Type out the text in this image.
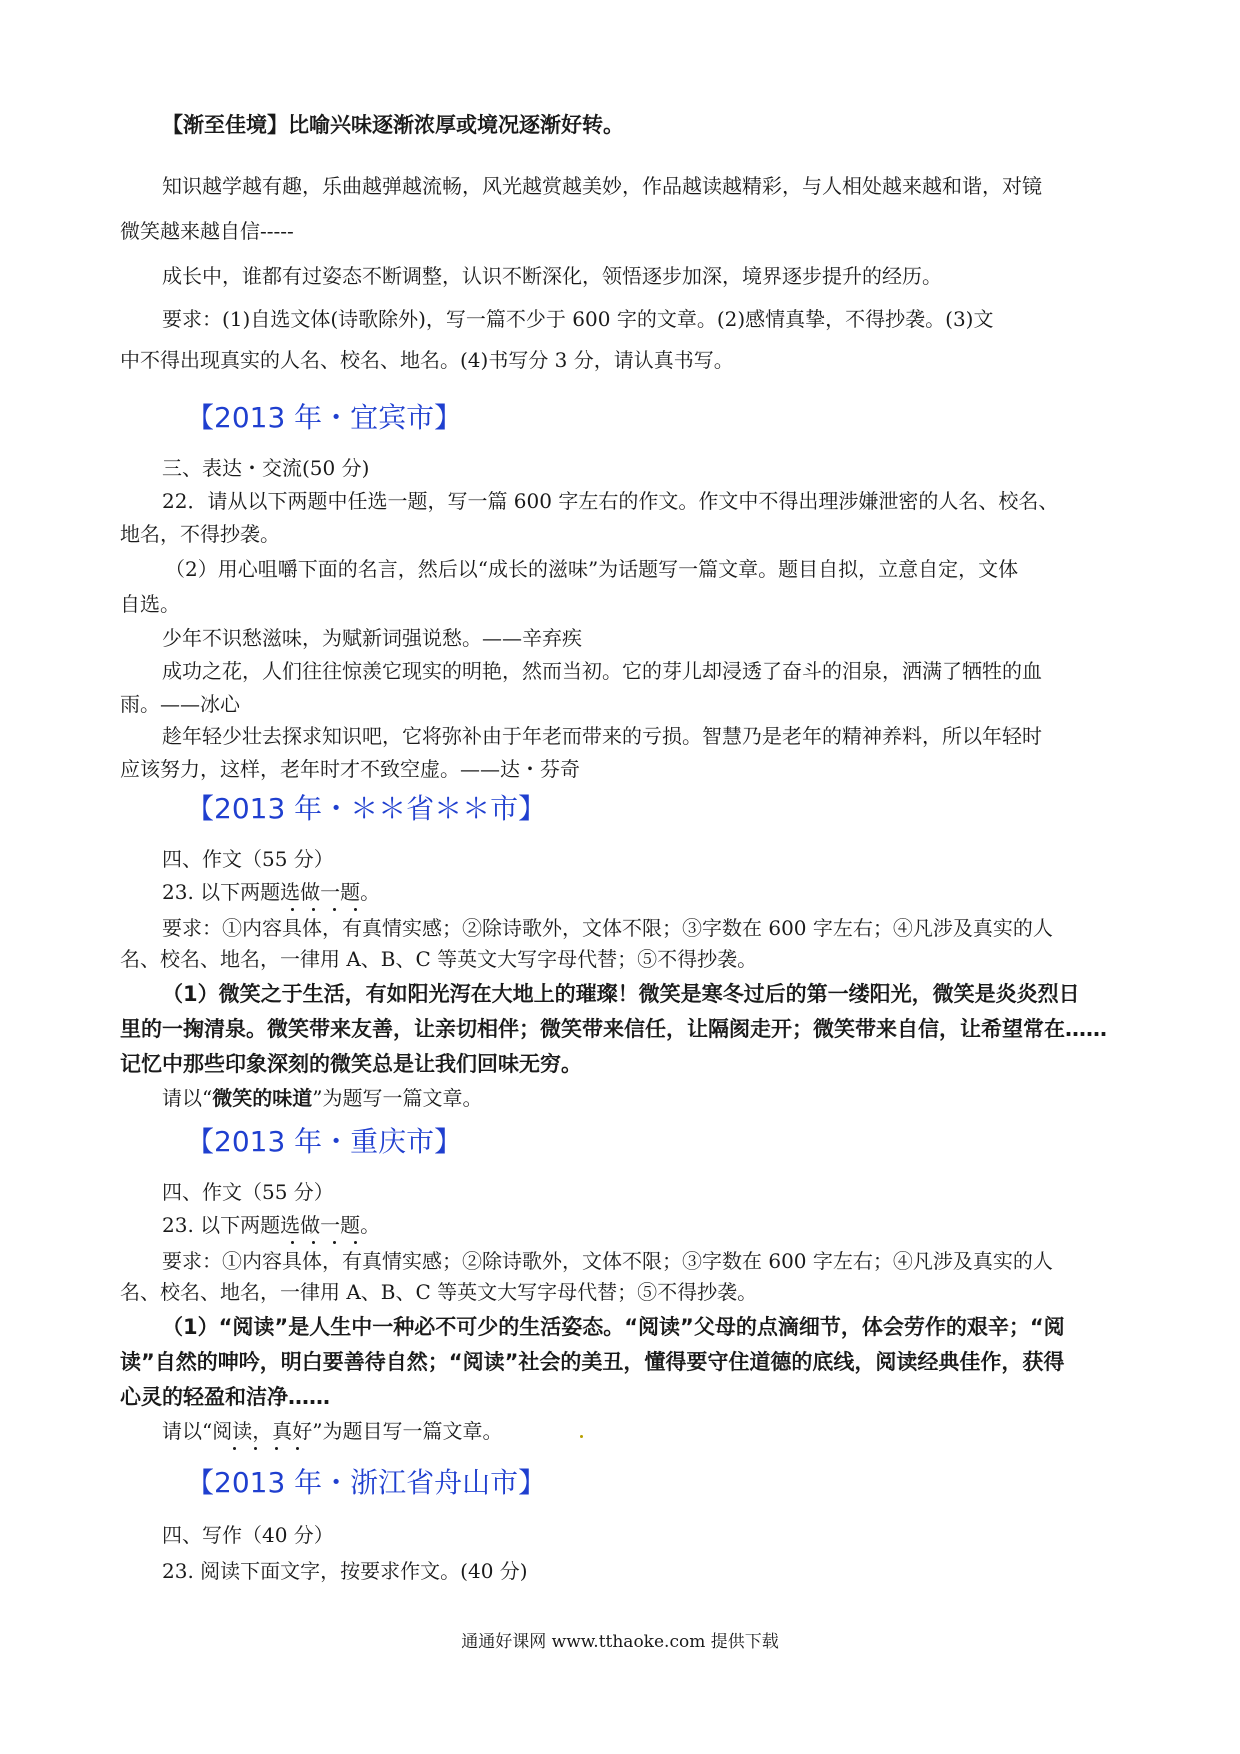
【渐至佳境】比喻兴味逐渐浓厚或境况逐渐好转。
知识越学越有趣，乐曲越弹越流畅，风光越赏越美妙，作品越读越精彩，与人相处越来越和谐，对镜
微笑越来越自信-----
成长中，谁都有过姿态不断调整，认识不断深化，领悟逐步加深，境界逐步提升的经历。
要求：(1)自选文体(诗歌除外)，写一篇不少于 600 字的文章。(2)感情真挚，不得抄袭。(3)文
中不得出现真实的人名、校名、地名。(4)书写分 3 分，请认真书写。
【2013 年・宜宾市】
三、表达・交流(50 分)
22．请从以下两题中任选一题，写一篇 600 字左右的作文。作文中不得出理涉嫌泄密的人名、校名、
地名，不得抄袭。
（2）用心咀嚼下面的名言，然后以“成长的滋味”为话题写一篇文章。题目自拟，立意自定，文体
自选。
少年不识愁滋味，为赋新词强说愁。——辛弃疾
成功之花，人们往往惊羡它现实的明艳，然而当初。它的芽儿却浸透了奋斗的泪泉，洒满了牺牲的血
雨。——冰心
趁年轻少壮去探求知识吧，它将弥补由于年老而带来的亏损。智慧乃是老年的精神养料，所以年轻时
应该努力，这样，老年时才不致空虚。——达・芬奇
【2013 年・＊＊省＊＊市】
四、作文（55 分）
23. 以下两题选做一题。
要求：①内容具体，有真情实感；②除诗歌外，文体不限；③字数在 600 字左右；④凡涉及真实的人
名、校名、地名，一律用 A、B、C 等英文大写字母代替；⑤不得抄袭。
（1）微笑之于生活，有如阳光泻在大地上的璀璨！微笑是寒冬过后的第一缕阳光，微笑是炎炎烈日
里的一掬清泉。微笑带来友善，让亲切相伴；微笑带来信任，让隔阂走开；微笑带来自信，让希望常在……
记忆中那些印象深刻的微笑总是让我们回味无穷。
请以“微笑的味道”为题写一篇文章。
【2013 年・重庆市】
四、作文（55 分）
23. 以下两题选做一题。
要求：①内容具体，有真情实感；②除诗歌外，文体不限；③字数在 600 字左右；④凡涉及真实的人
名、校名、地名，一律用 A、B、C 等英文大写字母代替；⑤不得抄袭。
（1）“阅读”是人生中一种必不可少的生活姿态。“阅读”父母的点滴细节，体会劳作的艰辛；“阅
读”自然的呻吟，明白要善待自然；“阅读”社会的美丑，懂得要守住道德的底线，阅读经典佳作，获得
心灵的轻盈和洁净……
请以“阅读，真好”为题目写一篇文章。
【2013 年・浙江省舟山市】
四、写作（40 分）
23. 阅读下面文字，按要求作文。(40 分)
通通好课网 www.tthaoke.com 提供下载
